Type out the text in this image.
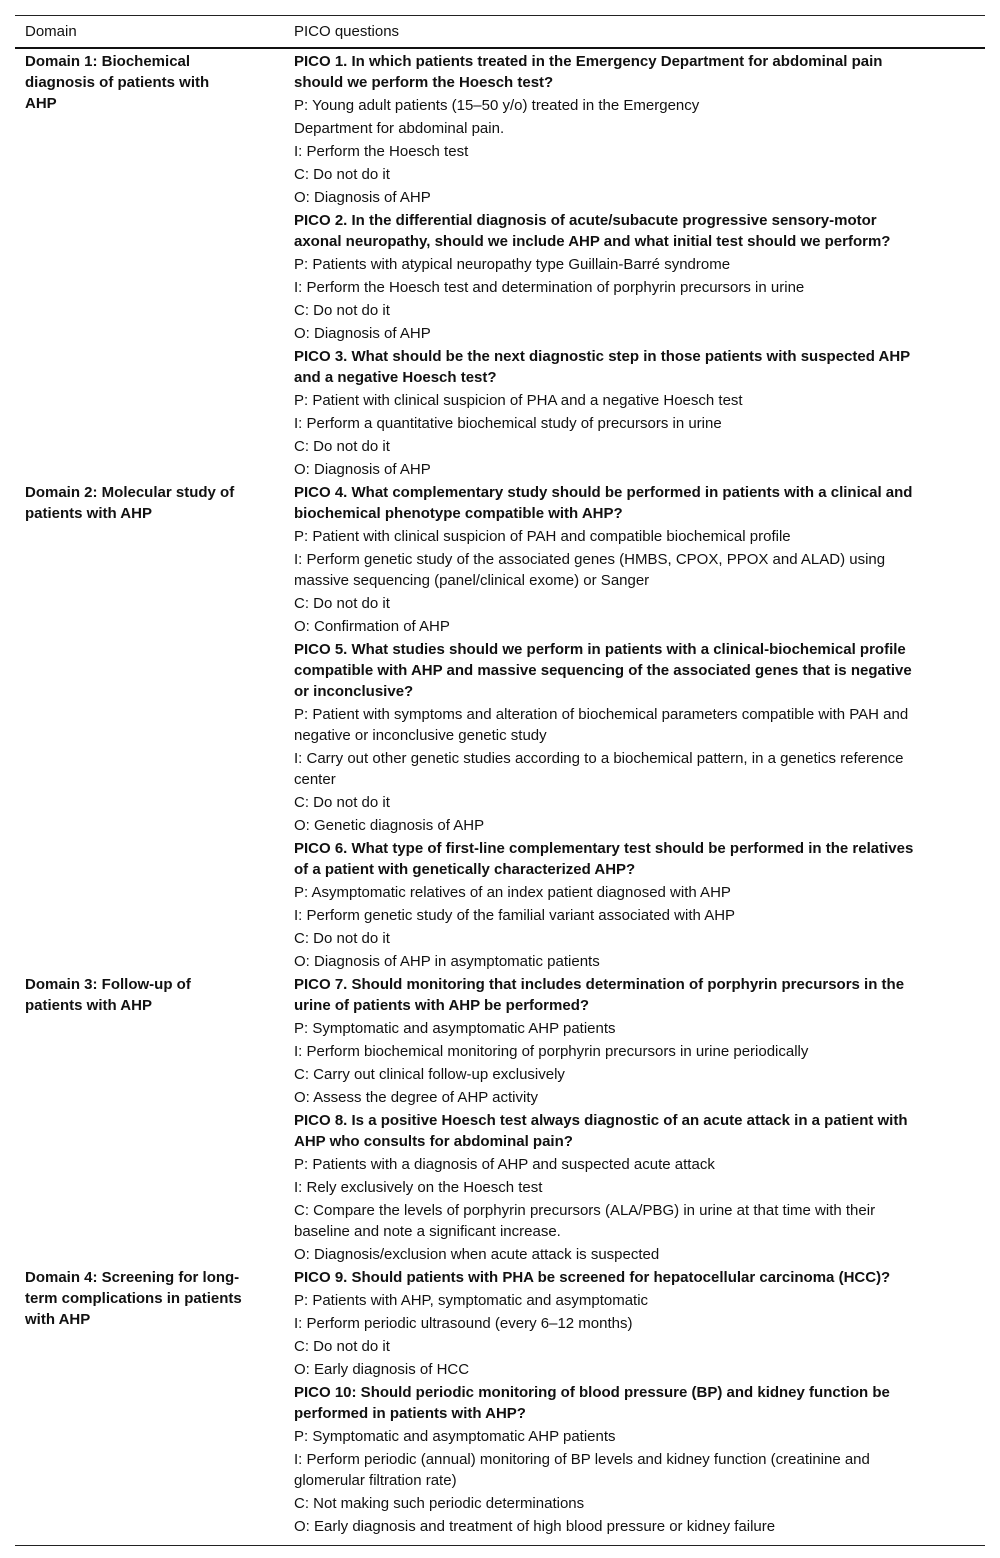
Domain	PICO questions
Domain 1: Biochemical
diagnosis of patients with
AHP
PICO 1. In which patients treated in the Emergency Department for abdominal pain
should we perform the Hoesch test?
P: Young adult patients (15–50 y/o) treated in the Emergency
Department for abdominal pain.
I: Perform the Hoesch test
C: Do not do it
O: Diagnosis of AHP
PICO 2. In the differential diagnosis of acute/subacute progressive sensory-motor
axonal neuropathy, should we include AHP and what initial test should we perform?
P: Patients with atypical neuropathy type Guillain-Barré syndrome
I: Perform the Hoesch test and determination of porphyrin precursors in urine
C: Do not do it
O: Diagnosis of AHP
PICO 3. What should be the next diagnostic step in those patients with suspected AHP
and a negative Hoesch test?
P: Patient with clinical suspicion of PHA and a negative Hoesch test
I: Perform a quantitative biochemical study of precursors in urine
C: Do not do it
O: Diagnosis of AHP
Domain 2: Molecular study of
patients with AHP
PICO 4. What complementary study should be performed in patients with a clinical and
biochemical phenotype compatible with AHP?
P: Patient with clinical suspicion of PAH and compatible biochemical profile
I: Perform genetic study of the associated genes (HMBS, CPOX, PPOX and ALAD) using
massive sequencing (panel/clinical exome) or Sanger
C: Do not do it
O: Confirmation of AHP
PICO 5. What studies should we perform in patients with a clinical-biochemical profile
compatible with AHP and massive sequencing of the associated genes that is negative
or inconclusive?
P: Patient with symptoms and alteration of biochemical parameters compatible with PAH and
negative or inconclusive genetic study
I: Carry out other genetic studies according to a biochemical pattern, in a genetics reference
center
C: Do not do it
O: Genetic diagnosis of AHP
PICO 6. What type of first-line complementary test should be performed in the relatives
of a patient with genetically characterized AHP?
P: Asymptomatic relatives of an index patient diagnosed with AHP
I: Perform genetic study of the familial variant associated with AHP
C: Do not do it
O: Diagnosis of AHP in asymptomatic patients
Domain 3: Follow-up of
patients with AHP
PICO 7. Should monitoring that includes determination of porphyrin precursors in the
urine of patients with AHP be performed?
P: Symptomatic and asymptomatic AHP patients
I: Perform biochemical monitoring of porphyrin precursors in urine periodically
C: Carry out clinical follow-up exclusively
O: Assess the degree of AHP activity
PICO 8. Is a positive Hoesch test always diagnostic of an acute attack in a patient with
AHP who consults for abdominal pain?
P: Patients with a diagnosis of AHP and suspected acute attack
I: Rely exclusively on the Hoesch test
C: Compare the levels of porphyrin precursors (ALA/PBG) in urine at that time with their
baseline and note a significant increase.
O: Diagnosis/exclusion when acute attack is suspected
Domain 4: Screening for long-
term complications in patients
with AHP
PICO 9. Should patients with PHA be screened for hepatocellular carcinoma (HCC)?
P: Patients with AHP, symptomatic and asymptomatic
I: Perform periodic ultrasound (every 6–12 months)
C: Do not do it
O: Early diagnosis of HCC
PICO 10: Should periodic monitoring of blood pressure (BP) and kidney function be
performed in patients with AHP?
P: Symptomatic and asymptomatic AHP patients
I: Perform periodic (annual) monitoring of BP levels and kidney function (creatinine and
glomerular filtration rate)
C: Not making such periodic determinations
O: Early diagnosis and treatment of high blood pressure or kidney failure
